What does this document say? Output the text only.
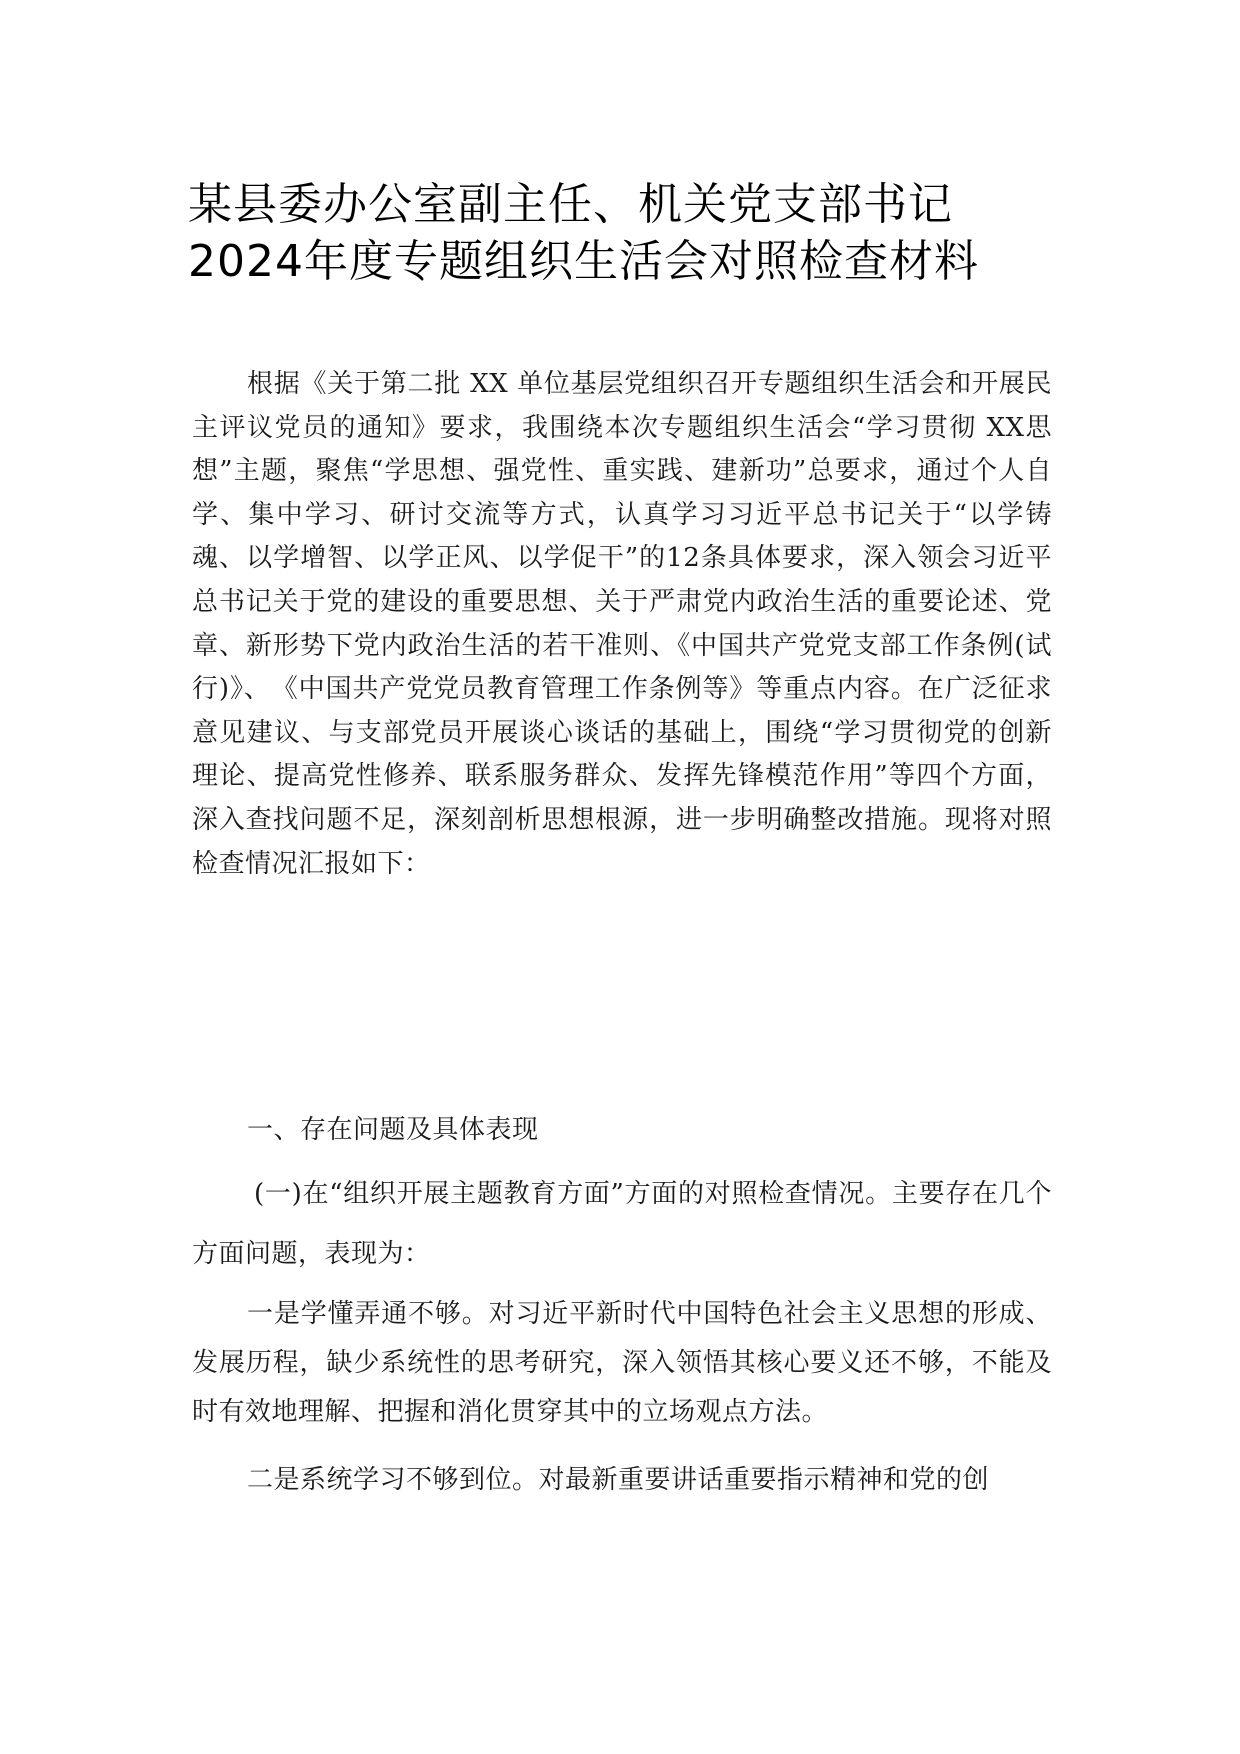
某县委办公室副主任、机关党支部书记2024年度专题组织生活会对照检查材料

根据《关于第二批 XX 单位基层党组织召开专题组织生活会和开展民主评议党员的通知》要求，我围绕本次专题组织生活会“学习贯彻 XX思想”主题，聚焦“学思想、强党性、重实践、建新功”总要求，通过个人自学、集中学习、研讨交流等方式，认真学习习近平总书记关于“以学铸魂、以学增智、以学正风、以学促干”的12条具体要求，深入领会习近平总书记关于党的建设的重要思想、关于严肃党内政治生活的重要论述、党章、新形势下党内政治生活的若干准则、《中国共产党党支部工作条例(试行)》、　《中国共产党党员教育管理工作条例等》等重点内容。在广泛征求意见建议、与支部党员开展谈心谈话的基础上，围绕“学习贯彻党的创新理论、提高党性修养、联系服务群众、发挥先锋模范作用”等四个方面，深入查找问题不足，深刻剖析思想根源，进一步明确整改措施。现将对照检查情况汇报如下：

一、存在问题及具体表现

(一)在“组织开展主题教育方面”方面的对照检查情况。主要存在几个方面问题，表现为：

一是学懂弄通不够。对习近平新时代中国特色社会主义思想的形成、发展历程，缺少系统性的思考研究，深入领悟其核心要义还不够，不能及时有效地理解、把握和消化贯穿其中的立场观点方法。

二是系统学习不够到位。对最新重要讲话重要指示精神和党的创
